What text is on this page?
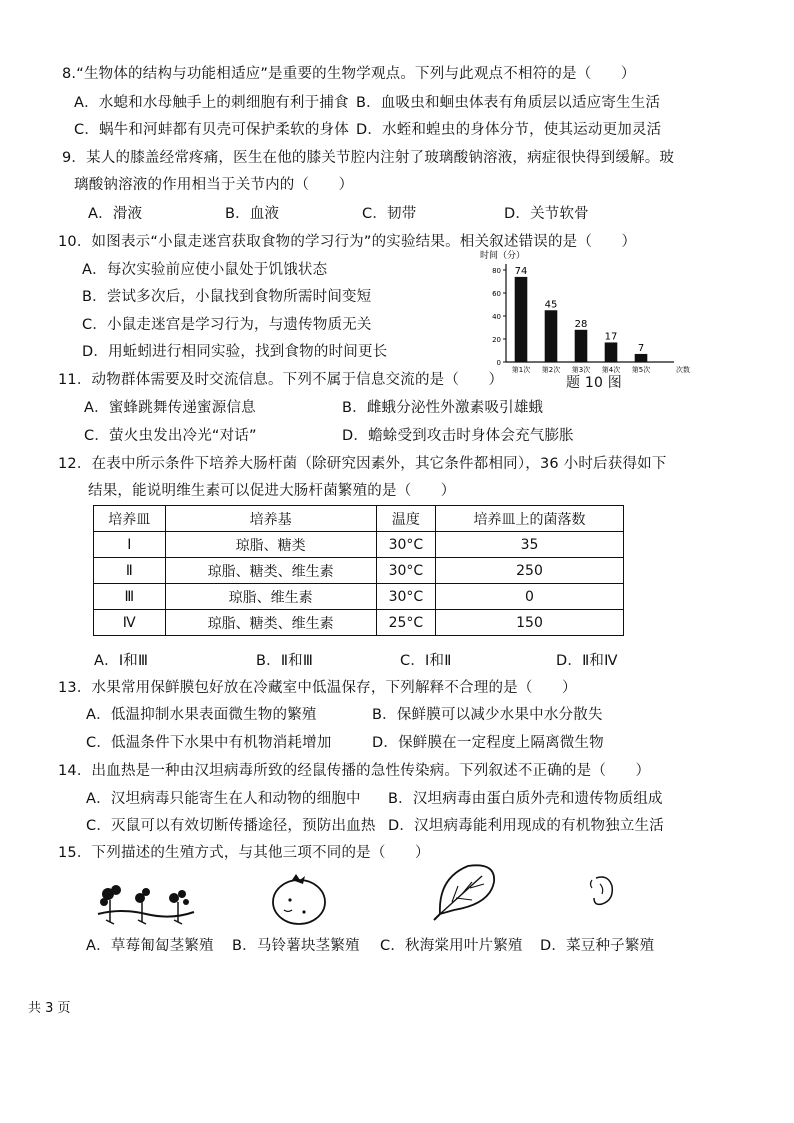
8.“生物体的结构与功能相适应”是重要的生物学观点。下列与此观点不相符的是（　　）
A．水螅和水母触手上的刺细胞有利于捕食 B．血吸虫和蛔虫体表有角质层以适应寄生生活
C．蜗牛和河蚌都有贝壳可保护柔软的身体 D．水蛭和蝗虫的身体分节，使其运动更加灵活
9．某人的膝盖经常疼痛，医生在他的膝关节腔内注射了玻璃酸钠溶液，病症很快得到缓解。玻
璃酸钠溶液的作用相当于关节内的（　　）
A．滑液	B．血液	C．韧带	D．关节软骨
10．如图表示“小鼠走迷宫获取食物的学习行为”的实验结果。相关叙述错误的是（　　）
A．每次实验前应使小鼠处于饥饿状态
B．尝试多次后，小鼠找到食物所需时间变短
C．小鼠走迷宫是学习行为，与遗传物质无关
D．用蚯蚓进行相同实验，找到食物的时间更长
时间（分）
0
20
40
60
80
次数
74
第1次
45
第2次
28
第3次
17
第4次
7
第5次
题 10 图
11．动物群体需要及时交流信息。下列不属于信息交流的是（　　）
A．蜜蜂跳舞传递蜜源信息	B．雌蛾分泌性外激素吸引雄蛾
C．萤火虫发出冷光“对话”	D．蟾蜍受到攻击时身体会充气膨胀
12．在表中所示条件下培养大肠杆菌（除研究因素外，其它条件都相同），36 小时后获得如下
结果，能说明维生素可以促进大肠杆菌繁殖的是（　　）
培养皿	培养基	温度	培养皿上的菌落数
Ⅰ	琼脂、糖类	30°C	35
Ⅱ	琼脂、糖类、维生素	30°C	250
Ⅲ	琼脂、维生素	30°C	0
Ⅳ	琼脂、糖类、维生素	25°C	150
A．Ⅰ和Ⅲ	B．Ⅱ和Ⅲ	C．Ⅰ和Ⅱ	D．Ⅱ和Ⅳ
13．水果常用保鲜膜包好放在冷藏室中低温保存，下列解释不合理的是（　　）
A．低温抑制水果表面微生物的繁殖	B．保鲜膜可以减少水果中水分散失
C．低温条件下水果中有机物消耗增加	D．保鲜膜在一定程度上隔离微生物
14．出血热是一种由汉坦病毒所致的经鼠传播的急性传染病。下列叙述不正确的是（　　）
A．汉坦病毒只能寄生在人和动物的细胞中 B．汉坦病毒由蛋白质外壳和遗传物质组成
C．灭鼠可以有效切断传播途径，预防出血热 D．汉坦病毒能利用现成的有机物独立生活
15．下列描述的生殖方式，与其他三项不同的是（　　）
A．草莓匍匐茎繁殖 B．马铃薯块茎繁殖 C．秋海棠用叶片繁殖 D．菜豆种子繁殖
共 3 页
